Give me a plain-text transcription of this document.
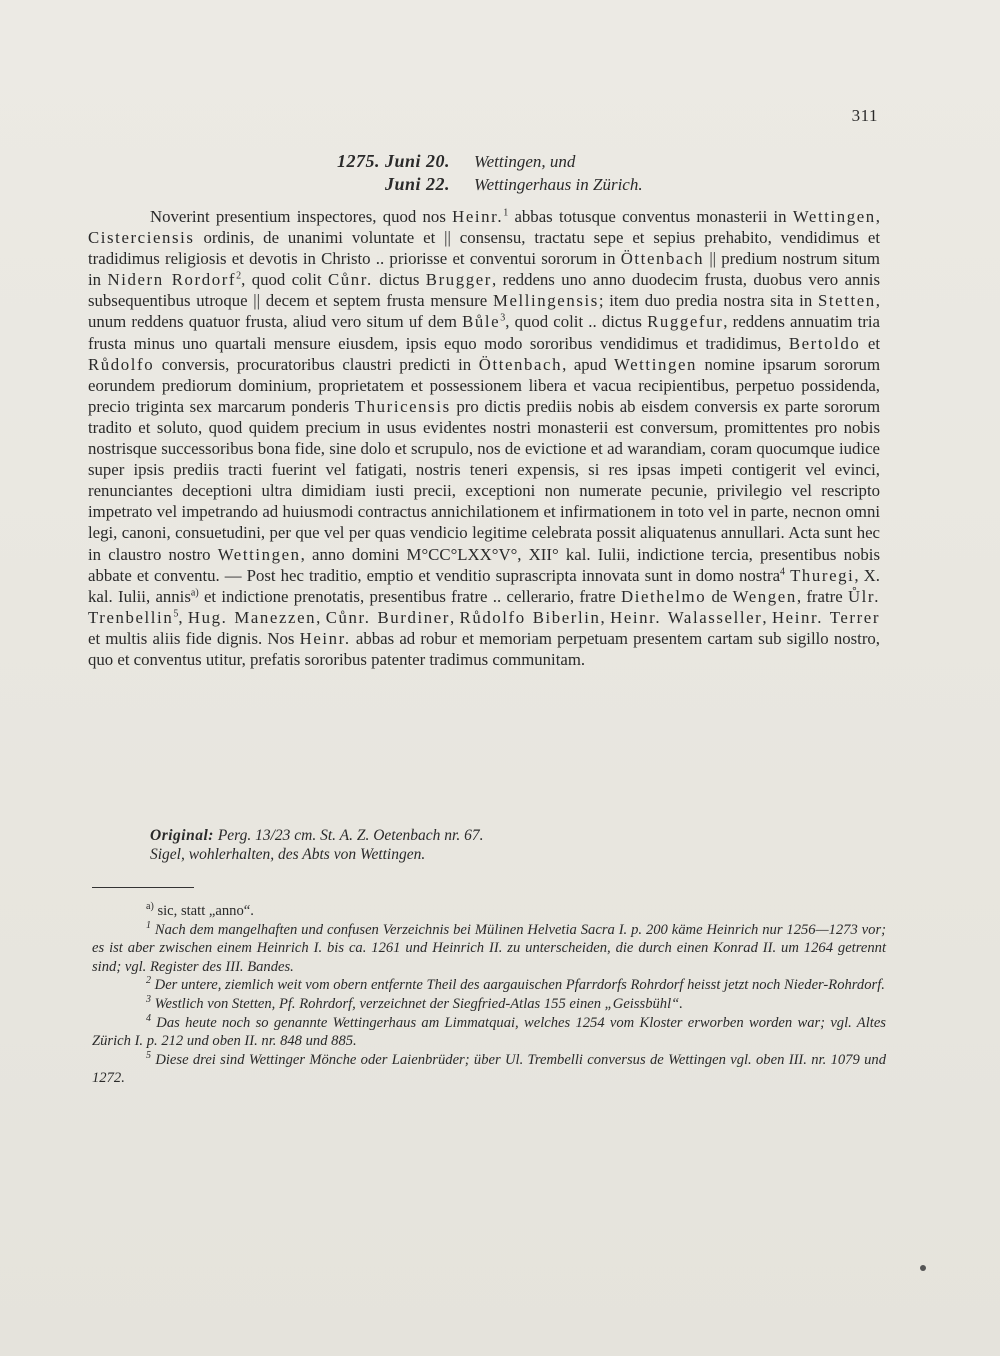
311
1275. Juni 20.	Wettingen, und
Juni 22.	Wettingerhaus in Zürich.

Noverint presentium inspectores, quod nos Heinr.$^1$ abbas totusque conventus monasterii in Wettingen, Cisterciensis ordinis, de unanimi voluntate et || consensu, tractatu sepe et sepius prehabito, vendidimus et tradidimus religiosis et devotis in Christo .. priorisse et conventui sororum in Öttenbach || predium nostrum situm in Nidern Rordorf$^2$, quod colit Cůnr. dictus Brugger, reddens uno anno duodecim frusta, duobus vero annis subsequentibus utroque || decem et septem frusta mensure Mellingensis; item duo predia nostra sita in Stetten, unum reddens quatuor frusta, aliud vero situm uf dem Bůle$^3$, quod colit .. dictus Ruggefur, reddens annuatim tria frusta minus uno quartali mensure eiusdem, ipsis equo modo sororibus vendidimus et tradidimus, Bertoldo et Růdolfo conversis, procuratoribus claustri predicti in Öttenbach, apud Wettingen nomine ipsarum sororum eorundem prediorum dominium, proprietatem et possessionem libera et vacua recipientibus, perpetuo possidenda, precio triginta sex marcarum ponderis Thuricensis pro dictis prediis nobis ab eisdem conversis ex parte sororum tradito et soluto, quod quidem precium in usus evidentes nostri monasterii est conversum, promittentes pro nobis nostrisque successoribus bona fide, sine dolo et scrupulo, nos de evictione et ad warandiam, coram quocumque iudice super ipsis prediis tracti fuerint vel fatigati, nostris teneri expensis, si res ipsas impeti contigerit vel evinci, renunciantes deceptioni ultra dimidiam iusti precii, exceptioni non numerate pecunie, privilegio vel rescripto impetrato vel impetrando ad huiusmodi contractus annichilationem et infirmationem in toto vel in parte, necnon omni legi, canoni, consuetudini, per que vel per quas vendicio legitime celebrata possit aliquatenus annullari. Acta sunt hec in claustro nostro Wettingen, anno domini M°CC°LXX°V°, XII° kal. Iulii, indictione tercia, presentibus nobis abbate et conventu. — Post hec traditio, emptio et venditio suprascripta innovata sunt in domo nostra$^4$ Thuregi, X. kal. Iulii, annis$^{a)}$ et indictione prenotatis, presentibus fratre .. cellerario, fratre Diethelmo de Wengen, fratre Ůlr. Trenbellin$^5$, Hug. Manezzen, Cůnr. Burdiner, Růdolfo Biberlin, Heinr. Walasseller, Heinr. Terrer et multis aliis fide dignis. Nos Heinr. abbas ad robur et memoriam perpetuam presentem cartam sub sigillo nostro, quo et conventus utitur, prefatis sororibus patenter tradimus communitam.

Original: Perg. 13/23 cm. St. A. Z. Oetenbach nr. 67.
Sigel, wohlerhalten, des Abts von Wettingen.

$^{a)}$ sic, statt „anno“.

$^1$ Nach dem mangelhaften und confusen Verzeichnis bei Mülinen Helvetia Sacra I. p. 200 käme Heinrich nur 1256—1273 vor; es ist aber zwischen einem Heinrich I. bis ca. 1261 und Heinrich II. zu unterscheiden, die durch einen Konrad II. um 1264 getrennt sind; vgl. Register des III. Bandes.

$^2$ Der untere, ziemlich weit vom obern entfernte Theil des aargauischen Pfarrdorfs Rohrdorf heisst jetzt noch Nieder-Rohrdorf.

$^3$ Westlich von Stetten, Pf. Rohrdorf, verzeichnet der Siegfried-Atlas 155 einen „Geissbühl“.

$^4$ Das heute noch so genannte Wettingerhaus am Limmatquai, welches 1254 vom Kloster erworben worden war; vgl. Altes Zürich I. p. 212 und oben II. nr. 848 und 885.

$^5$ Diese drei sind Wettinger Mönche oder Laienbrüder; über Ul. Trembelli conversus de Wettingen vgl. oben III. nr. 1079 und 1272.
